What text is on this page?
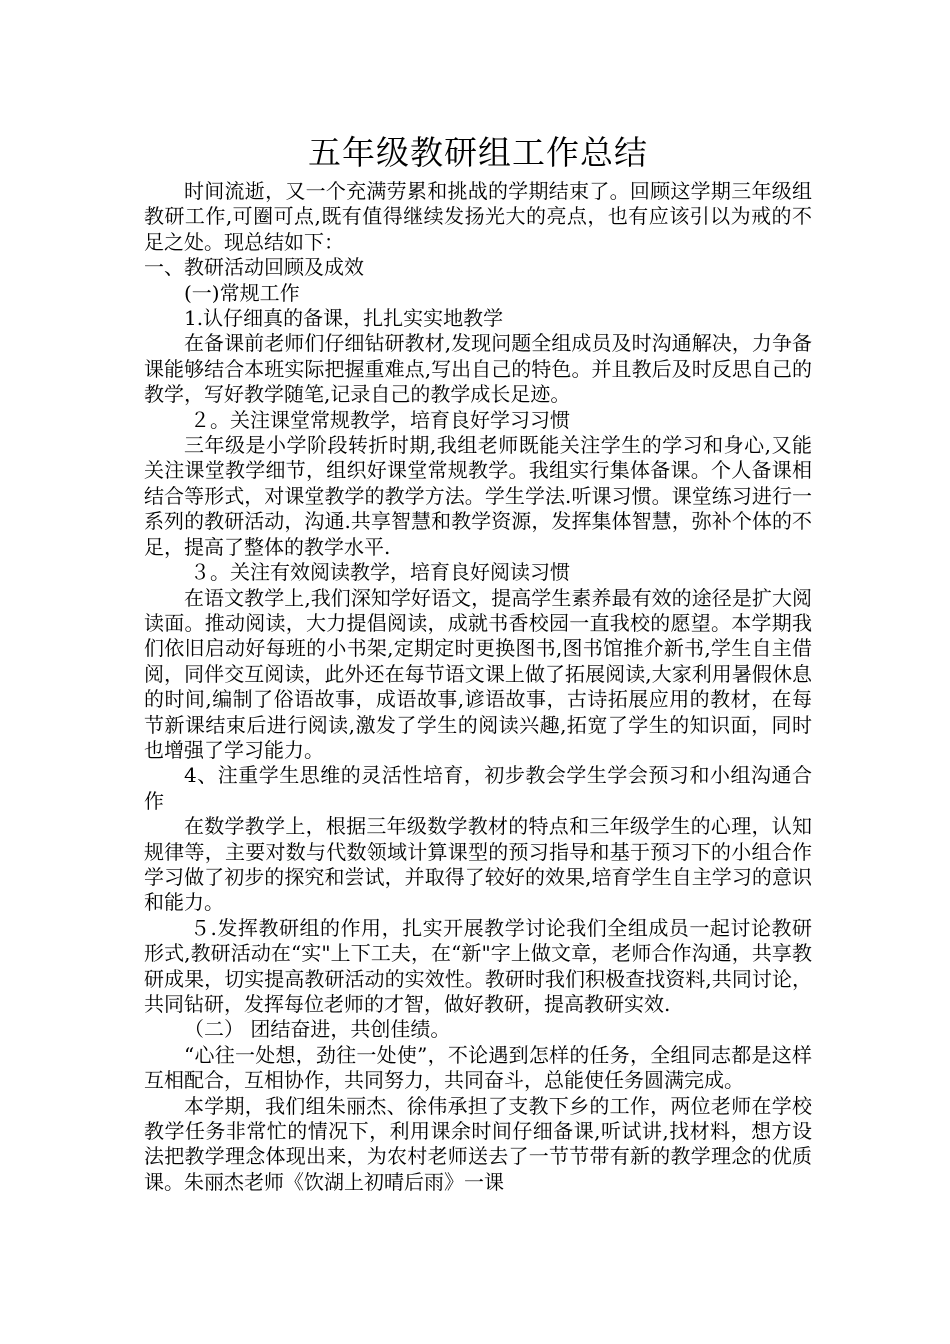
五年级教研组工作总结

时间流逝，又一个充满劳累和挑战的学期结束了。回顾这学期三年级组教研工作,可圈可点,既有值得继续发扬光大的亮点，也有应该引以为戒的不足之处。现总结如下：

一、教研活动回顾及成效

(一)常规工作

1.认仔细真的备课，扎扎实实地教学

在备课前老师们仔细钻研教材,发现问题全组成员及时沟通解决，力争备课能够结合本班实际把握重难点,写出自己的特色。并且教后及时反思自己的教学，写好教学随笔,记录自己的教学成长足迹。

２。关注课堂常规教学，培育良好学习习惯

三年级是小学阶段转折时期,我组老师既能关注学生的学习和身心,又能关注课堂教学细节，组织好课堂常规教学。我组实行集体备课。个人备课相结合等形式，对课堂教学的教学方法。学生学法.听课习惯。课堂练习进行一系列的教研活动，沟通.共享智慧和教学资源，发挥集体智慧，弥补个体的不足，提高了整体的教学水平.

３。关注有效阅读教学，培育良好阅读习惯

在语文教学上,我们深知学好语文，提高学生素养最有效的途径是扩大阅读面。推动阅读，大力提倡阅读，成就书香校园一直我校的愿望。本学期我们依旧启动好每班的小书架,定期定时更换图书,图书馆推介新书,学生自主借阅，同伴交互阅读，此外还在每节语文课上做了拓展阅读,大家利用暑假休息的时间,编制了俗语故事，成语故事,谚语故事，古诗拓展应用的教材，在每节新课结束后进行阅读,激发了学生的阅读兴趣,拓宽了学生的知识面，同时也增强了学习能力。

4、注重学生思维的灵活性培育，初步教会学生学会预习和小组沟通合作

在数学教学上，根据三年级数学教材的特点和三年级学生的心理，认知规律等，主要对数与代数领域计算课型的预习指导和基于预习下的小组合作学习做了初步的探究和尝试，并取得了较好的效果,培育学生自主学习的意识和能力。

５.发挥教研组的作用，扎实开展教学讨论我们全组成员一起讨论教研形式,教研活动在“实"上下工夫，在“新"字上做文章，老师合作沟通，共享教研成果，切实提高教研活动的实效性。教研时我们积极查找资料,共同讨论，共同钻研，发挥每位老师的才智，做好教研，提高教研实效.

（二） 团结奋进，共创佳绩。

“心往一处想，劲往一处使”，不论遇到怎样的任务，全组同志都是这样互相配合，互相协作，共同努力，共同奋斗，总能使任务圆满完成。

本学期，我们组朱丽杰、徐伟承担了支教下乡的工作，两位老师在学校教学任务非常忙的情况下，利用课余时间仔细备课,听试讲,找材料，想方设法把教学理念体现出来，为农村老师送去了一节节带有新的教学理念的优质课。朱丽杰老师《饮湖上初晴后雨》一课
